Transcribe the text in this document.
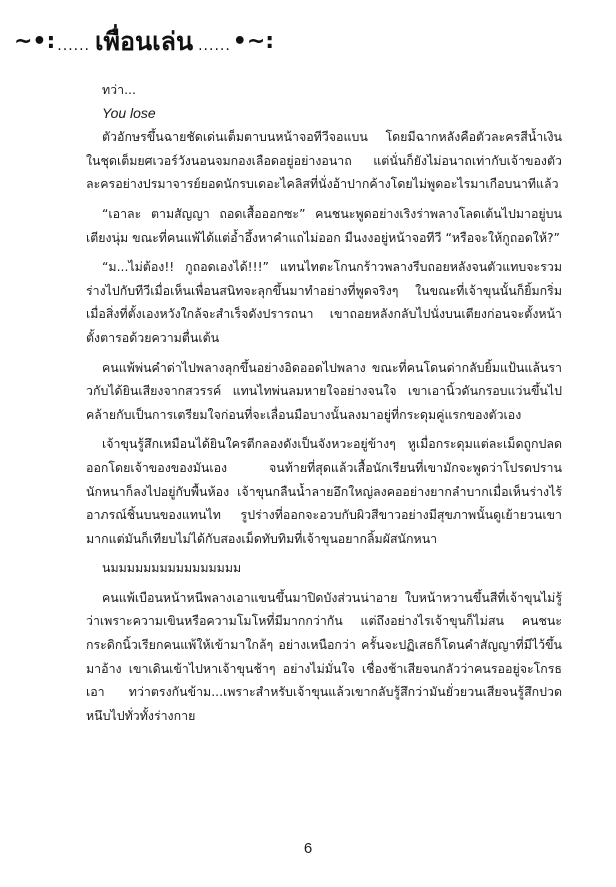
~•: ...... เพื่อนเล่น ...... •~:

ทว่า...

You lose

ตัวอักษรขึ้นฉายชัดเด่นเต็มตาบนหน้าจอทีวีจอแบน โดยมีฉากหลังคือตัวละครสีน้ำเงินในชุดเต็มยศเวอร์วังนอนจมกองเลือดอยู่อย่างอนาถ แต่นั่นก็ยังไม่อนาถเท่ากับเจ้าของตัวละครอย่างปรมาจารย์ยอดนักรบเดอะไคลิสที่นั่งอ้าปากค้างโดยไม่พูดอะไรมาเกือบนาทีแล้ว

“เอาละ ตามสัญญา ถอดเสื้อออกซะ” คนชนะพูดอย่างเริงร่าพลางโลดเต้นไปมาอยู่บนเตียงนุ่ม ขณะที่คนแพ้ได้แต่อ้ำอึ้งหาคำแถไม่ออก มืนงงอยู่หน้าจอทีวี “หรือจะให้กูถอดให้?”

“ม...ไม่ต้อง!! กูถอดเองได้!!!” แทนไทตะโกนกร้าวพลางรีบถอยหลังจนตัวแทบจะรวมร่างไปกับทีวีเมื่อเห็นเพื่อนสนิทจะลุกขึ้นมาทำอย่างที่พูดจริงๆ ในขณะที่เจ้าขุนนั้นก็ยิ้มกริ่มเมื่อสิ่งที่ตั้งเองหวังใกล้จะสำเร็จดังปรารถนา เขาถอยหลังกลับไปนั่งบนเตียงก่อนจะตั้งหน้าตั้งตารอด้วยความตื่นเต้น

คนแพ้พ่นคำด่าไปพลางลุกขึ้นอย่างอิดออดไปพลาง ขณะที่คนโดนด่ากลับยิ้มแป้นแล้นราวกับได้ยินเสียงจากสวรรค์ แทนไทพ่นลมหายใจอย่างจนใจ เขาเอานิ้วดันกรอบแว่นขึ้นไปคล้ายกับเป็นการเตรียมใจก่อนที่จะเลื่อนมือบางนั้นลงมาอยู่ที่กระดุมคู่แรกของตัวเอง

เจ้าขุนรู้สึกเหมือนได้ยินใครตีกลองดังเป็นจังหวะอยู่ข้างๆ หูเมื่อกระดุมแต่ละเม็ดถูกปลดออกโดยเจ้าของของมันเอง จนท้ายที่สุดแล้วเสื้อนักเรียนที่เขามักจะพูดว่าโปรดปรานนักหนาก็ลงไปอยู่กับพื้นห้อง เจ้าขุนกลืนน้ำลายอึกใหญ่ลงคออย่างยากลำบากเมื่อเห็นร่างไร้อาภรณ์ชิ้นบนของแทนไท รูปร่างที่ออกจะอวบกับผิวสีขาวอย่างมีสุขภาพนั้นดูเย้ายวนเขามากแต่มันก็เทียบไม่ได้กับสองเม็ดทับทิมที่เจ้าขุนอยากลิ้มผัสนักหนา

นมมมมมมมมมมมมมมมม

คนแพ้เบือนหน้าหนีพลางเอาแขนขึ้นมาปิดบังส่วนน่าอาย ใบหน้าหวานขึ้นสีที่เจ้าขุนไม่รู้ว่าเพราะความเขินหรือความโมโหที่มีมากกว่ากัน แต่ถึงอย่างไรเจ้าขุนก็ไม่สน คนชนะกระดิกนิ้วเรียกคนแพ้ให้เข้ามาใกล้ๆ อย่างเหนือกว่า ครั้นจะปฏิเสธก็โดนคำสัญญาที่มีไว้ขึ้นมาอ้าง เขาเดินเข้าไปหาเจ้าขุนช้าๆ อย่างไม่มั่นใจ เชื่องช้าเสียจนกลัวว่าคนรออยู่จะโกรธเอา ทว่าตรงกันข้าม...เพราะสำหรับเจ้าขุนแล้วเขากลับรู้สึกว่ามันยั่วยวนเสียจนรู้สึกปวดหนึบไปทั่วทั้งร่างกาย

6
